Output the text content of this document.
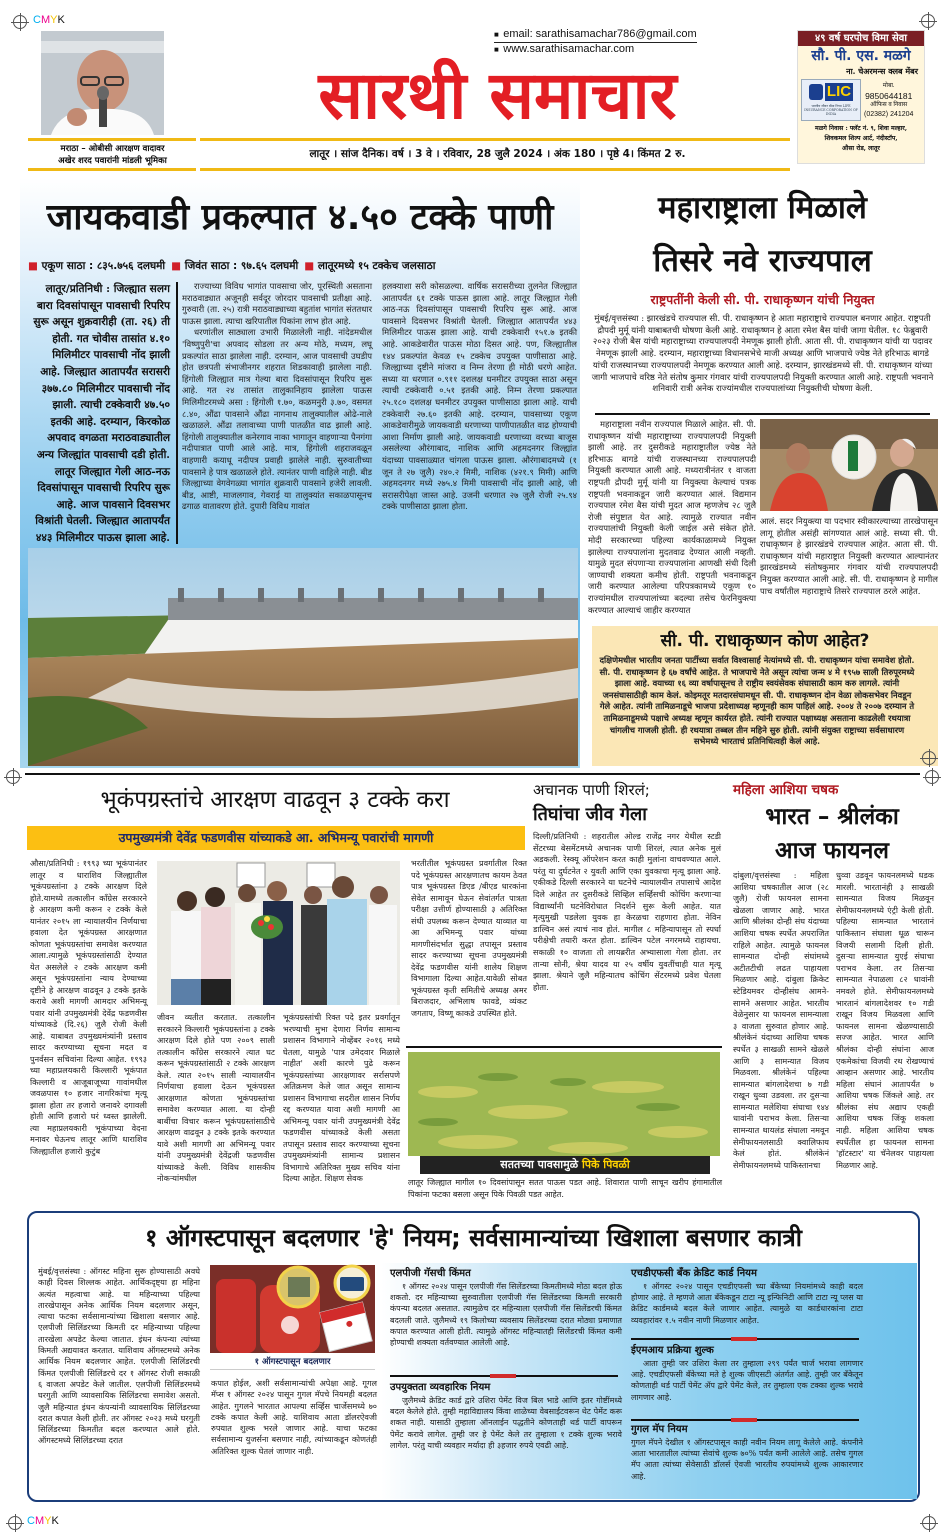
CMYK
मराठा – ओबीसी आरक्षण वादावर
अखेर शरद पवारांनी मांडली भूमिका
■  email: sarathisamachar786@gmail.com
■  www.sarathisamachar.com
सारथी समाचार
लातूर । सांज दैनिक। वर्ष । 3 वे । रविवार, 28 जुलै 2024 । अंक 180 । पृष्ठे 4। किंमत 2 रु.
४९ वर्ष घरपोच विमा सेवा
सौ. पी. एस. मळगे
ना. चेअरमन्स क्लब मेंबर
LIC
भारतीय जीवन बीमा निगम LIFE INSURANCE CORPORATION OF INDIA
मोबा.
9850644181
ऑफिस व निवास
(02382) 241204
मळगे निवास : फ्लॅट नं. ९, शिवा मल्हार,
शिवकमल शिल्प आर्ट, नंदीस्टॉप,
औसा रोड, लातूर
जायकवाडी प्रकल्पात ४.५० टक्के पाणी
■ एकूण साठा : ८३५.७५६ दलघमी ■ जिवंत साठा : ९७.६५ दलघमी ■ लातूरमध्ये १५ टक्केच जलसाठा
लातूर/प्रतिनिधी : जिल्ह्यात सलग बारा दिवसांपासून पावसाची रिपरिप सुरू असून शुक्रवारीही (ता. २६) ती होती. गत चोवीस तासांत ४.१० मिलिमीटर पावसाची नोंद झाली आहे. जिल्ह्यात आतापर्यंत सरासरी ३७७.८० मिलिमीटर पावसाची नोंद झाली. त्याची टक्केवारी ४७.५० इतकी आहे. दरम्यान, किरकोळ अपवाद वगळता मराठवाड्यातील अन्य जिल्ह्यांत पावसाची दडी होती. लातूर जिल्ह्यात गेली आठ-नऊ दिवसांपासून पावसाची रिपरिप सुरू आहे. आज पावसाने दिवसभर विश्रांती घेतली. जिल्ह्यात आतापर्यंत ४४३ मिलिमीटर पाऊस झाला आहे.

राज्याच्या विविध भागांत पावसाचा जोर, पूरस्थिती असताना मराठवाड्यात अजूनही सर्वदूर जोरदार पावसाची प्रतीक्षा आहे. गुरुवारी (ता. २५) रात्री मराठवाड्याच्या बहुतांश भागांत संततधार पाऊस झाला. त्याचा खरिपातील पिकांना लाभ होत आहे.

धरणांतील साठ्याला उभारी मिळालेली नाही. नांदेडमधील 'विष्णुपुरी'चा अपवाद सोडला तर अन्य मोठे, मध्यम, लघू प्रकल्पांत साठा झालेला नाही. दरम्यान, आज पावसाची उघडीप होत छत्रपती संभाजीनगर शहरात शिडकावाही झालेला नाही. हिंगोली जिल्ह्यात मात्र गेल्या बारा दिवसांपासून रिपरिप सुरू आहे. गत २४ तासांत तालुकानिहाय झालेला पाऊस मिलिमीटरमध्ये असा : हिंगोली १.७०, कळमनुरी ३.७०, वसमत ८.४०, औंढा पावसाने औंढा नागनाथ तालुक्यातील ओढे-नाले खळाळले. औंढा तलावाच्या पाणी पातळीत वाढ झाली आहे. हिंगोली तालुक्यातील कनेरगाव नाका भागातून वाहणाऱ्या पैनगंगा नदीपात्रात पाणी आले आहे. मात्र, हिंगोली शहराजवळून वाहणारी कयाधू नदीपत्र प्रवाही झालेले नाही. सुरुवातीच्या पावसाने हे पात्र खळाळले होते. त्यानंतर पाणी वाहिले नाही. बीड जिल्ह्याच्या वेगवेगळ्या भागांत शुक्रवारी पावसाने हजेरी लावली. बीड, आष्टी, माजलगाव, गेवराई या तालुक्यांत सकाळपासूनच ढगाळ वातावरण होते. दुपारी विविध गावांत

हलक्याशा सरी कोसळल्या. वार्षिक सरासरीच्या तुलनेत जिल्ह्यात आतापर्यंत ६१ टक्के पाऊस झाला आहे. लातूर जिल्ह्यात गेली आठ-नऊ दिवसांपासून पावसाची रिपरिप सुरू आहे. आज पावसाने दिवसभर विश्रांती घेतली. जिल्ह्यात आतापर्यंत ४४३ मिलिमीटर पाऊस झाला आहे. याची टक्केवारी १५१.७ इतकी आहे. आकडेवारीत पाऊस मोठा दिसत आहे. पण, जिल्ह्यातील १४४ प्रकल्पांत केवळ १५ टक्केच उपयुक्त पाणीसाठा आहे. जिल्ह्याच्या दृष्टीने मांजरा व निम्न तेरणा ही मोठी धरणे आहेत. सध्या या धरणात ०.९११ दशलक्ष घनमीटर उपयुक्त साठा असून त्याची टक्केवारी ०.५१ इतकी आहे. निम्न तेरणा प्रकल्पात २५.१८० दशलक्ष घनमीटर उपयुक्त पाणीसाठा झाला आहे. याची टक्केवारी २७.६० इतकी आहे. दरम्यान, पावसाच्या एकूण आकडेवारीमुळे जायकवाडी धरणाच्या पाणीपातळीत वाढ होण्याची आशा निर्माण झाली आहे. जायकवाडी धरणाच्या वरच्या बाजूस असलेल्या औरंगाबाद, नाशिक आणि अहमदनगर जिल्ह्यांत यंदाच्या पावसाळ्यात चांगला पाऊस झाला. औरंगाबादमध्ये (१ जून ते २७ जुलै) २४०.२ मिमी, नाशिक (४२१.९ मिमी) आणि अहमदनगर मध्ये २७५.४ मिमी पावसाची नोंद झाली आहे, जी सरासरीपेक्षा जास्त आहे. उजनी धरणात २७ जुलै रोजी २५.९४ टक्के पाणीसाठा झाला होता.
महाराष्ट्राला मिळाले
तिसरे नवे राज्यपाल
राष्ट्रपतींनी केली सी. पी. राधाकृष्णन यांची नियुक्त
मुंबई/वृत्तसंस्था : झारखंडचे राज्यपाल सी. पी. राधाकृष्णन हे आता महाराष्ट्राचे राज्यपाल बनणार आहेत. राष्ट्रपती द्रौपदी मुर्मू यांनी याबाबतची घोषणा केली आहे. राधाकृष्णन हे आता रमेश बैस यांची जागा घेतील. १८ फेब्रुवारी २०२३ रोजी बैस यांची महाराष्ट्राच्या राज्यपालपदी नेमणूक झाली होती. आता सी. पी. राधाकृष्णन यांची या पदावर नेमणूक झाली आहे. दरम्यान, महाराष्ट्राच्या विधानसभेचे माजी अध्यक्ष आणि भाजपाचे ज्येष्ठ नेते हरिभाऊ बागडे यांची राजस्थानच्या राज्यपालपदी नेमणूक करण्यात आली आहे. दरम्यान, झारखंडमध्ये सी. पी. राधाकृष्णन यांच्या जागी भाजपाचे वरिष्ठ नेते संतोष कुमार गंगवार यांची राज्यपालपदी नियुक्ती करण्यात आली आहे. राष्ट्रपती भवनाने शनिवारी रात्री अनेक राज्यांमधील राज्यपालांच्या नियुक्तीची घोषणा केली.

महाराष्ट्राला नवीन राज्यपाल मिळाले आहेत. सी. पी. राधाकृष्णन यांची महाराष्ट्राच्या राज्यपालपदी नियुक्ती झाली आहे. तर दुसरीकडे महाराष्ट्रातील ज्येष्ठ नेते हरिभाऊ बागडे यांची राजस्थानच्या राज्यपालपदी नियुक्ती करण्यात आली आहे. मध्यरात्रीनंतर १ वाजता राष्ट्रपती द्रौपदी मुर्मू यांनी या नियुक्त्या केल्याचं पत्रक राष्ट्रपती भवनाकडून जारी करण्यात आलं. विद्यमान राज्यपाल रमेश बैस यांची मुदत आज म्हणजेच २८ जुलै रोजी संपुष्टात येत आहे. त्यामुळे राज्यात नवीन राज्यपालांची नियुक्ती केली जाईल असे संकेत होते. मोदी सरकारच्या पहिल्या कार्यकाळामध्ये नियुक्त झालेल्या राज्यपालांना मुदतवाढ देण्यात आली नव्हती. यामुळे मुदत संपणाऱ्या राज्यपालांना आणखी संधी दिली जाण्याची शक्यता कमीच होती. राष्ट्रपती भवनाकडून जारी करण्यात आलेल्या परिपत्रकामध्ये एकूण १० राज्यांमधील राज्यपालांच्या बदल्या तसेच फेरनियुक्त्या करण्यात आल्याचं जाहीर करण्यात

आलं. सदर नियुक्त्या या पदभार स्वीकारल्याच्या तारखेपासून लागू होतील असंही सांगण्यात आलं आहे. सध्या सी. पी. राधाकृष्णन हे झारखंडचे राज्यपाल आहेत. आता सी. पी. राधाकृष्णन यांची महाराष्ट्रात नियुक्ती करण्यात आल्यानंतर झारखंडमध्ये संतोषकुमार गंगवार यांची राज्यपालपदी नियुक्त करण्यात आली आहे. सी. पी. राधाकृष्णन हे मागील पाच वर्षांतील महाराष्ट्राचे तिसरे राज्यपाल ठरले आहेत.
सी. पी. राधाकृष्णन कोण आहेत?
दक्षिणेमधील भारतीय जनता पार्टीच्या सर्वात विश्वासार्ह नेत्यांमध्ये सी. पी. राधाकृष्णन यांचा समावेश होतो. सी. पी. राधाकृष्णन हे ६७ वर्षांचे आहेत. ते भाजपाचे नेते असून त्यांचा जन्म ४ मे १९५७ साली तिरुपूरमध्ये झाला आहे. वयाच्या १६ व्या वर्षापासूनच ते राष्ट्रीय स्वयंसेवक संघासाठी काम करु लागले. त्यांनी जनसंघासाठीही काम केलं. कोइमतूर मतदारसंघामधून सी. पी. राधाकृष्णन दोन वेळा लोकसभेवर निवडून गेले आहेत. त्यांनी तामिळनाडूचे भाजपा प्रदेशाध्यक्ष म्हणूनही काम पाहिलं आहे. २००४ ते २००७ दरम्यान ते तामिळनाडूमध्ये पक्षाचे अध्यक्ष म्हणून कार्यरत होते. त्यांनी राज्यात पक्षाध्यक्ष असताना काढलेली रथयात्रा चांगलीच गाजली होती. ही रथयात्रा तब्बल तीन महिने सुरु होती. त्यांनी संयुक्त राष्ट्राच्या सर्वसाधारण सभेमध्ये भारताचं प्रतिनिधित्वही केलं आहे.
भूकंपग्रस्तांचे आरक्षण वाढवून ३ टक्के करा
उपमुख्यमंत्री देवेंद्र फडणवीस यांच्याकडे आ. अभिमन्यू पवारांची मागणी
औसा/प्रतिनिधी : १९९३ च्या भूकंपानंतर लातूर व धाराशिव जिल्ह्यातील भूकंपग्रस्तांना ३ टक्के आरक्षण दिले होते.यामध्ये तत्कालीन काँग्रेस सरकारने हे आरक्षण कमी करून २ टक्के केले यानंतर २०१५ ला न्यायालयीन निर्णयाचा हवाला देत भूकंपग्रस्त आरक्षणात कोणता भूकंपग्रस्तांचा समावेश करण्यात आला.त्यामुळे भूकंपग्रस्तांसाठी देण्यात येत असलेले २ टक्के आरक्षण कमी असून भूकंपग्रस्तांना न्याय देण्याच्या दृष्टीने हे आरक्षण वाढवून ३ टक्के इतके करावे अशी मागणी आमदार अभिमन्यू पवार यांनी उपमुख्यमंत्री देवेंद्र फडणवीस यांच्याकडे (दि.२६) जुलै रोजी केली आहे. याबाबत उपमुख्यमंत्र्यांनी प्रस्ताव सादर करण्याच्या सूचना मदत व पुनर्वसन सचिवांना दिल्या आहेत. १९९३ च्या महाप्रलयकारी किल्लारी भूकंपात किल्लारी व आजूबाजूच्या गावांमधील जवळपास १० हजार नागरिकांचा मृत्यू झाला होता तर हजारो जनावरे दगावली होती आणि हजारो घरं ध्वस्त झालेली. त्या महाप्रलयकारी भूकंपाच्या वेदना मनावर घेऊनच लातूर आणि धाराशिव जिल्ह्यातील हजारो कुटुंब
जीवन व्यतीत करतात. तत्कालीन सरकारने किल्लारी भूकंपग्रस्तांना ३ टक्के आरक्षण दिले होते पण २००९ साली तत्कालीन काँग्रेस सरकारने त्यात घट करून भूकंपग्रस्तांसाठी २ टक्के आरक्षण केले. त्यात २०१५ साली न्यायालयीन निर्णयाचा हवाला देऊन भूकंपग्रस्त आरक्षणात कोणता भूकंपग्रस्तांचा समावेश करण्यात आला. या दोन्ही बाबींचा विचार करून भूकंपग्रस्तांसाठीचे आरक्षण वाढवून ३ टक्के इतके करण्यात यावे अशी मागणी आ अभिमन्यू पवार यांनी उपमुख्यमंत्री देवेंद्रजी फडणवीस यांच्याकडे केली. विविध शासकीय नोकऱ्यांमधील
भूकंपग्रस्तांची रिक्त पदे इतर प्रवर्गातून भरण्याची मुभा देणारा निर्णय सामान्य प्रशासन विभागाने नोव्हेंबर २०१६ मध्ये घेतला, यामुळे 'पात्र उमेदवार मिळाले नाहीत' अशी कारणे पुढे करून भूकंपग्रस्तांच्या आरक्षणावर सर्रासपणे अतिक्रमण केले जात असून सामान्य प्रशासन विभागाचा सदरील शासन निर्णय रद्द करण्यात यावा अशी मागणी आ अभिमन्यू पवार यांनी उपमुख्यमंत्री देवेंद्र फडणवीस यांच्याकडे केली असता तपासून प्रस्ताव सादर करण्याच्या सूचना उपमुख्यमंत्र्यांनी सामान्य प्रशासन विभागाचे अतिरिक्त मुख्य सचिव यांना दिल्या आहेत. शिक्षण सेवक
भरतीतील भूकंपग्रस्त प्रवर्गातील रिक्त पदे भूकंपग्रस्त आरक्षणातच कायम ठेवत पात्र भूकंपग्रस्त डिएड /बीएड धारकांना सेवेत सामावून घेऊन सेवांतर्गत पात्रता परीक्षा उत्तीर्ण होण्यासाठी ३ अतिरिक्त संधी उपलब्ध करून देण्यात याव्यात या आ अभिमन्यू पवार यांच्या मागणीसंदर्भात सुद्धा तपासून प्रस्ताव सादर करण्याच्या सूचना उपमुख्यमंत्री देवेंद्र फडणवीस यांनी शालेय शिक्षण विभागाला दिल्या आहेत.यावेळी सोबत भूकंपग्रस्त कृती समितीचे अध्यक्ष अमर बिराजदार, अभिलाष फावडे, व्यंकट जगताप, विष्णू काकडे उपस्थित होते.
अचानक पाणी शिरलं;
तिघांचा जीव गेला
दिल्ली/प्रतिनिधी : शहरातील ओल्ड राजेंद्र नगर येथील स्टडी सेंटरच्या बेसमेंटमध्ये अचानक पाणी शिरलं, त्यात अनेक मुलं अडकली. रेस्क्यू ऑपरेशन करत काही मुलांना वाचवण्यात आले. परंतु या दुर्घटनेत २ युवती आणि एका युवकाचा मृत्यू झाला आहे. एकीकडे दिल्ली सरकारने या घटनेचे न्यायालयीन तपासाचे आदेश दिले आहेत तर दुसरीकडे सिव्हिल सर्व्हिसची कोचिंग करणाऱ्या विद्यार्थ्यांनी घटनेविरोधात निदर्शने सुरू केली आहेत. यात मृत्युमुखी पडलेला युवक हा केरळचा राहणारा होता. नेविन डाल्विन असं त्याचं नाव होतं. मागील ८ महिन्यापासून तो स्पर्धा परीक्षेची तयारी करत होता. डाल्विन पटेल नगरमध्ये राहायचा. सकाळी १० वाजता तो लायब्ररीत अभ्यासाला गेला होता. तर तान्या सोनी, श्रेया यादव या २५ वर्षीय युवतींचाही यात मृत्यू झाला. श्रेयाने जुलै महिन्यातच कोचिंग सेंटरमध्ये प्रवेश घेतला होता.
सततच्या पावसामुळे पिके पिवळी
लातूर जिल्ह्यात मागील १० दिवसांपासून सतत पाऊस पडत आहे. शिवारात पाणी साचून खरीप हंगामातील पिकांना फटका बसला असून पिके पिवळी पडत आहेत.
महिला आशिया चषक
भारत – श्रीलंका
आज फायनल
दांबुला/वृत्तसंस्था : महिला आशिया चषकातील आज (२८ जुलै) रोजी फायनल सामना खेळला जाणार आहे. भारत आणि श्रीलंका दोन्ही संघ यंदाच्या आशिया चषक स्पर्धेत अपराजित राहिले आहेत. त्यामुळे फायनल सामन्यात दोन्ही संघांमध्ये अटीतटीची लढत पाहायला मिळणार आहे. दांबुला क्रिकेट स्टेडियमवर दोन्हीसंघ आमने-सामने असणार आहेत. भारतीय वेळेनुसार या फायनल सामन्याला ३ वाजता सुरुवात होणार आहे. श्रीलंकेनं यंदाच्या आशिया चषक स्पर्धेत ३ साखळी सामने खेळले आणि ३ सामन्यात विजय मिळवला. श्रीलंकेनं पहिल्या सामन्यात बांगलादेशचा ७ गडी राखून धुव्वा उडवला. तर दुसऱ्या सामन्यात मलेशिया संघाचा १४४ धावांनी पराभव केला. तिसऱ्या सामन्यात थायलंड संघाला नमवून सेमीफायनलसाठी क्वालिफाय केलं होतं. श्रीलंकेनं सेमीफायनलमध्ये पाकिस्तानचा
धुव्वा उडवून फायनलमध्ये धडक मारली. भारतानंही ३ साखळी सामन्यात विजय मिळवून सेमीफायनलमध्ये एंट्री केली होती. पहिल्या सामन्यात भारतानं पाकिस्तान संघाला धूळ चारून विजयी सलामी दिली होती. दुसऱ्या सामन्यात युएई संघाचा पराभव केला. तर तिसऱ्या सामन्यात नेपाळला ८२ धावांनी नमवले होते. सेमीफायनलमध्ये भारतानं बांगलादेशवर १० गडी राखून विजय मिळवला आणि फायनल सामना खेळण्यासाठी सज्ज आहेत. भारत आणि श्रीलंका दोन्ही संघांना आज एकमेकांचा विजयी रथ रोखण्याचं आव्हान असणार आहे. भारतीय महिला संघानं आतापर्यंत ७ आशिया चषक जिंकले आहे. तर श्रीलंका संघ अद्याप एकही आशिया चषक जिंकू शकला नाही. महिला आशिया चषक स्पर्धेतील हा फायनल सामना 'हॉटस्टार' या चॅनेलवर पाहायला मिळणार आहे.
१ ऑगस्टपासून बदलणार 'हे' नियम; सर्वसामान्यांच्या खिशाला बसणार कात्री
मुंबई/वृत्तसंस्था : ऑगस्ट महिना सुरू होण्यासाठी अवघे काही दिवस शिल्लक आहेत. आर्थिकदृष्ट्या हा महिना अत्यंत महत्वाचा आहे. या महिन्याच्या पहिल्या तारखेपासून अनेक आर्थिक नियम बदलणार असून, त्याचा फटका सर्वसामान्यांच्या खिशाला बसणार आहे. एलपीजी सिलिंडरच्या किमती दर महिन्याच्या पहिल्या तारखेला अपडेट केल्या जातात. इंधन कंपन्या त्यांच्या किमती अद्ययावत करतात. याशिवाय ऑगस्टमध्ये अनेक आर्थिक नियम बदलणार आहेत. एलपीजी सिलिंडरची किंमत एलपीजी सिलिंडरचे दर १ ऑगस्ट रोजी सकाळी ६ वाजता अपडेट केले जातील. एलपीजी सिलिंडरमध्ये घरगुती आणि व्यावसायिक सिलिंडरचा समावेश असतो. जुलै महिन्यात इंधन कंपन्यांनी व्यावसायिक सिलिंडरच्या दरात कपात केली होती. तर ऑगस्ट २०२३ मध्ये घरगुती सिलिंडरच्या किमतीत बदल करण्यात आले होते. ऑगस्टमध्ये सिलिंडरच्या दरात
१ ऑगस्टपासून बदलणार
कपात होईल, अशी सर्वसामान्यांची अपेक्षा आहे. गूगल मॅप्स १ ऑगस्ट २०२४ पासून गुगल मॅपचे नियमही बदलत आहेत. गुगलने भारतात आपल्या सर्व्हिस चार्जेसमध्ये ७० टक्के कपात केली आहे. याशिवाय आता डॉलरऐवजी रुपयात शुल्क भरले जाणार आहे. याचा फटका सर्वसामान्य युजर्सना बसणार नाही, त्यांच्याकडून कोणतंही अतिरिक्त शुल्क घेतलं जाणार नाही.
एलपीजी गॅसची किंमत
१ ऑगस्ट २०२४ पासून एलपीजी गॅस सिलेंडरच्या किमतीमध्ये मोठा बदल होऊ शकतो. दर महिन्याच्या सुरुवातीला एलपीजी गॅस सिलेंडरच्या किमती सरकारी कंपन्या बदलत असतात. त्यामुळेच दर महिन्याला एलपीजी गॅस सिलेंडरची किंमत बदलली जाते. जुलैमध्ये १९ किलोच्या व्यवसाय सिलेंडरच्या दरात मोठ्या प्रमाणात कपात करण्यात आली होती. त्यामुळे ऑगस्ट महिन्यातही सिलेंडरची किंमत कमी होण्याची शक्यता वर्तवण्यात आलेली आहे.
उपयुक्तता व्यवहारिक नियम
जुलैमध्ये क्रेडिट कार्ड द्वारे उशिरा पेमेंट विज बिल भाडे आणि इतर गोष्टींमध्ये बदल केलेले होते. तुम्ही महाविद्यालय किंवा शाळेच्या वेबसाईटवरून थेट पेमेंट करू शकत नाही. यासाठी तुम्हाला ऑनलाईन पद्धतीने कोणताही थर्ड पार्टी वापरून पेमेंट करावे लागेल. तुम्ही जर हे पेमेंट केले तर तुम्हाला १ टक्के शुल्क भरावे लागेल. परंतु याची व्यवहार मर्यादा ही ३हजार रुपये एवढी आहे.
एचडीएफसी बँक क्रेडिट कार्ड नियम
१ ऑगस्ट २०२४ पासून एचडीएफसी च्या बँकेच्या नियमांमध्ये काही बदल होणार आहे. ते म्हणजे आता बँकेकडून टाटा न्यू इन्फिनिटी आणि टाटा न्यू प्लस या क्रेडिट कार्डमध्ये बदल केले जाणार आहेत. त्यामुळे या कार्डधारकांना टाटा व्यवहारांवर १.५ नवीन नाणी मिळणार आहेत.
ईएमआय प्रक्रिया शुल्क
आता तुम्ही जर उशिरा केला तर तुम्हाला २९९ पर्यंत चार्ज भरावा लागणार आहे. एचडीएफसी बँकेच्या मते हे शुल्क जीएसटी अंतर्गत आहे. तुम्ही जर बँकेतून कोणताही थर्ड पार्टी पेमेंट ॲप द्वारे पेमेंट केले, तर तुम्हाला एक टक्का शुल्क भरावे लागणार आहे.
गुगल मॅप नियम
गुगल मॅपने देखील १ ऑगस्टपासून काही नवीन नियम लागू केलेले आहे. कंपनीने आता भारतातील त्यांच्या सेवांचे शुल्क ७०% पर्यंत कमी आलेले आहे. तसेच गुगल मॅप आता त्यांच्या सेवेसाठी डॉलर्स ऐवजी भारतीय रुपयांमध्ये शुल्क आकारणार आहे.
CMYK
